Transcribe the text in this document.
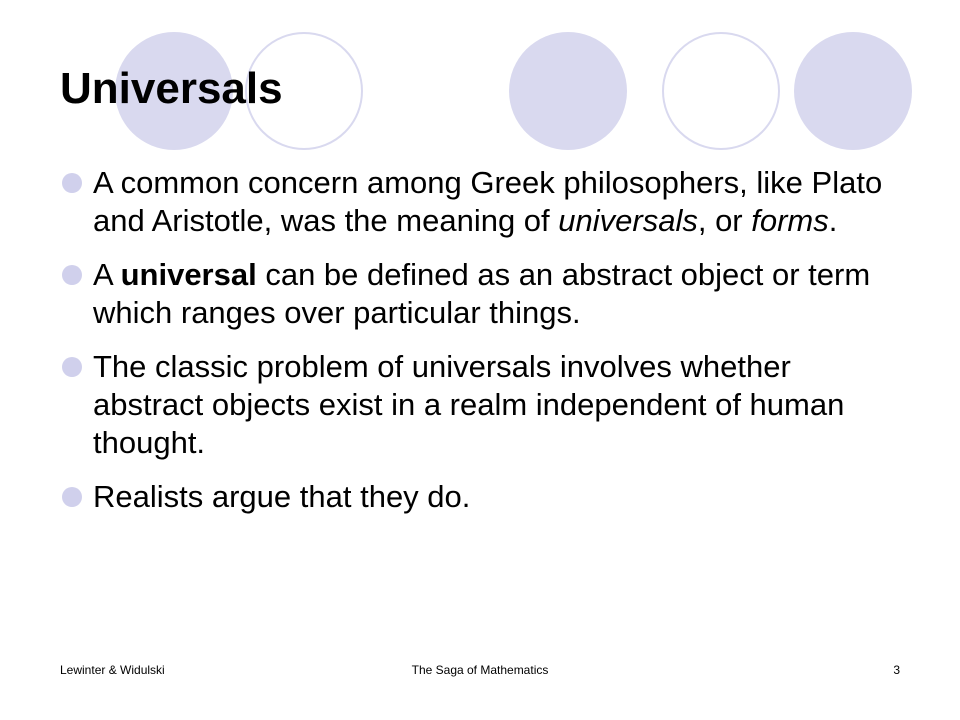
Universals
A common concern among Greek philosophers, like Plato and Aristotle, was the meaning of universals, or forms.
A universal can be defined as an abstract object or term which ranges over particular things.
The classic problem of universals involves whether abstract objects exist in a realm independent of human thought.
Realists argue that they do.
Lewinter & Widulski	The Saga of Mathematics	3
